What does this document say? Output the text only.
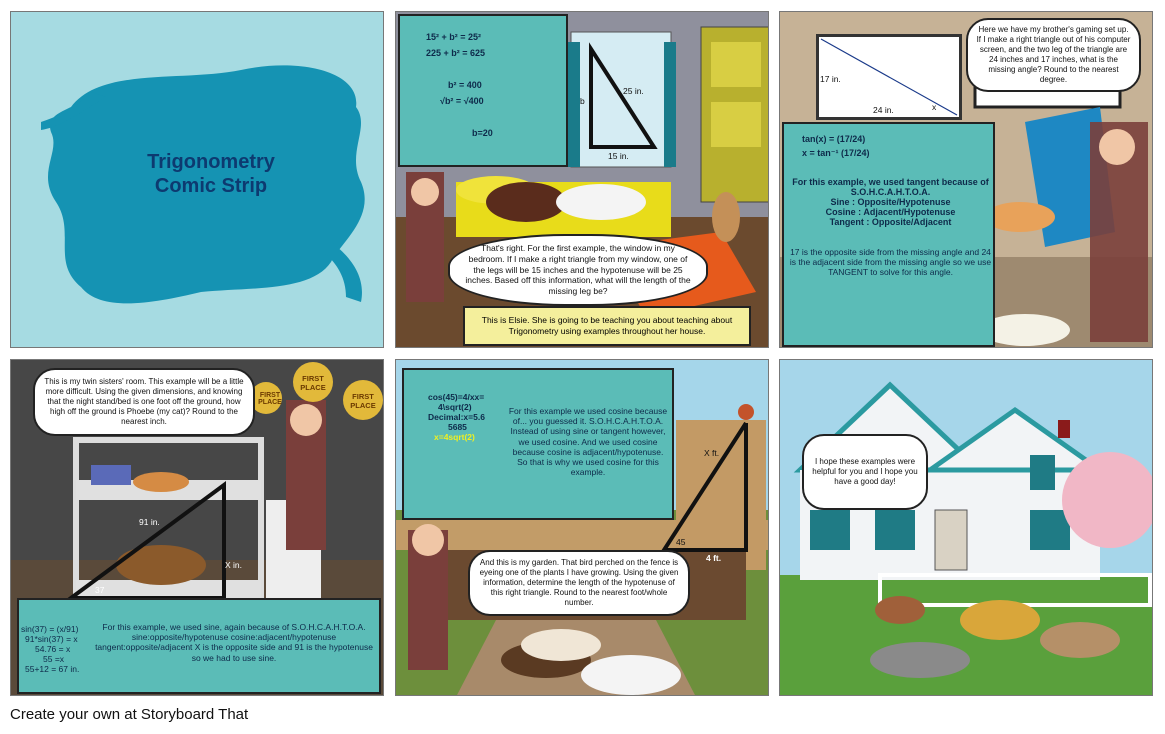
Trigonometry Comic Strip
15² + b² = 25²
225 + b² = 625
b² = 400
√b² = √400
b=20
25 in.
15 in.
b
That's right. For the first example, the window in my bedroom. If I make a right triangle from my window, one of the legs will be 15 inches and the hypotenuse will be 25 inches. Based off this information, what will the length of the missing leg be?
This is Elsie. She is going to be teaching you about teaching about Trigonometry using examples throughout her house.
17 in.
24 in.	x
Here we have my brother's gaming set up. If I make a right triangle out of his computer screen, and the two leg of the triangle are 24 inches and 17 inches, what is the missing angle? Round to the nearest degree.
tan(x) = (17/24)
x = tan⁻¹ (17/24)
For this example, we used tangent because of S.O.H.C.A.H.T.O.A.
Sine : Opposite/Hypotenuse
Cosine : Adjacent/Hypotenuse
Tangent : Opposite/Adjacent
17 is the opposite side from the missing angle and 24 is the adjacent side from the missing angle so we use TANGENT to solve for this angle.
FIRST PLACE
FIRST PLACE
FIRST PLACE
This is my twin sisters' room. This example will be a little more difficult. Using the given dimensions, and knowing that the night stand/bed is one foot off the ground, how high off the ground is Phoebe (my cat)? Round to the nearest inch.
91 in.
X in.
37
sin(37) = (x/91)
91*sin(37) = x
54.76 = x
55 =x
55+12 = 67 in.
For this example, we used sine, again because of S.O.H.C.A.H.T.O.A. sine:opposite/hypotenuse cosine:adjacent/hypotenuse tangent:opposite/adjacent X is the opposite side and 91 is the hypotenuse so we had to use sine.
cos(45)=4/xx=
4\sqrt(2)
Decimal:x=5.6
5685
x=4sqrt(2)
For this example we used cosine because of... you guessed it. S.O.H.C.A.H.T.O.A. Instead of using sine or tangent however, we used cosine. And we used cosine because cosine is adjacent/hypotenuse. So that is why we used cosine for this example.
X ft.
45
4 ft.
And this is my garden. That bird perched on the fence is eyeing one of the plants I have growing. Using the given information, determine the length of the hypotenuse of this right triangle. Round to the nearest foot/whole number.
I hope these examples were helpful for you and I hope you have a good day!
Create your own at Storyboard That
